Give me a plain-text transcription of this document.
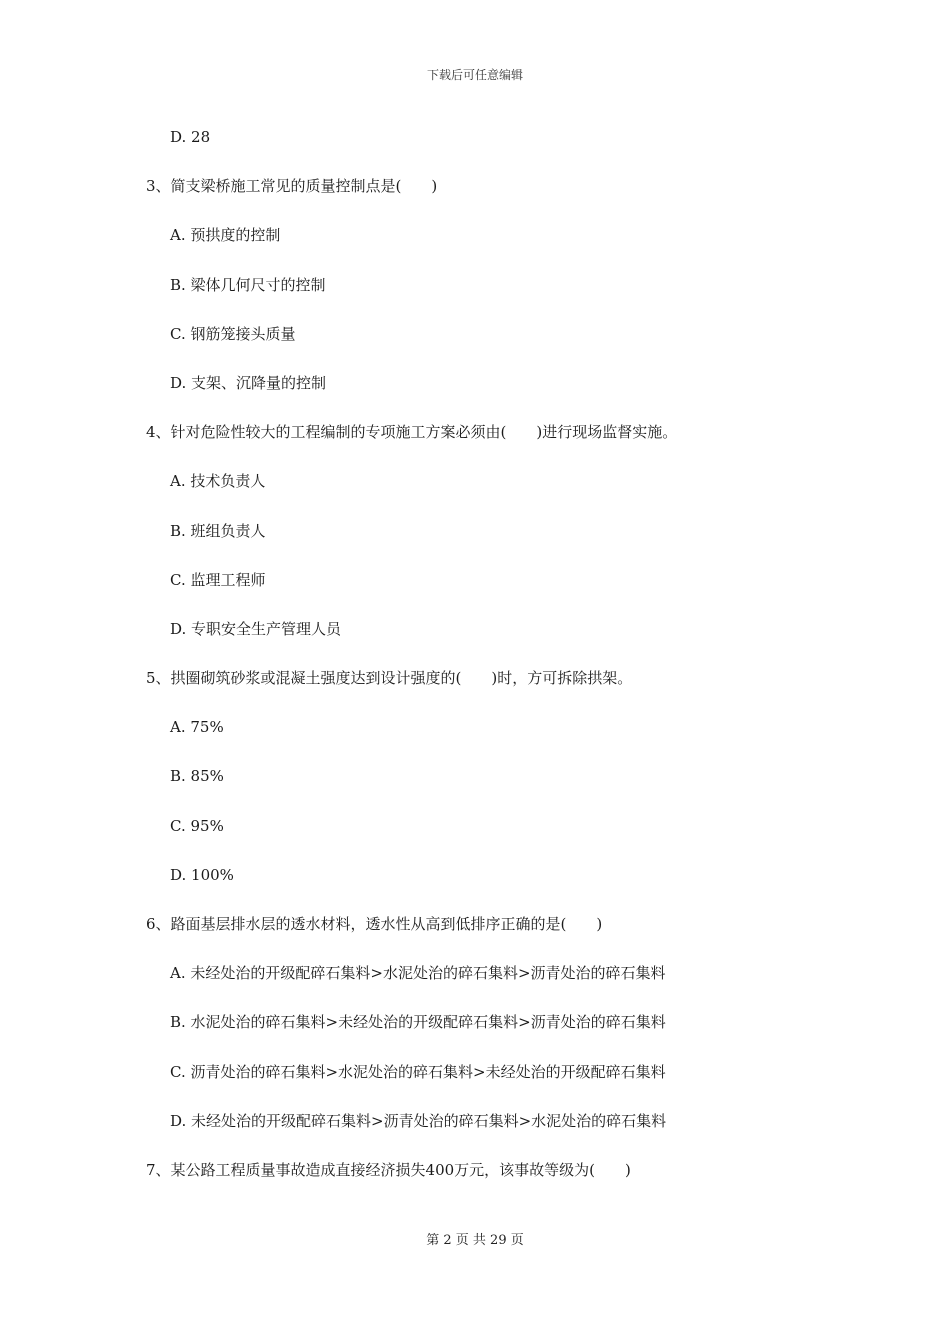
下载后可任意编辑
D. 28
3、简支梁桥施工常见的质量控制点是(　　)
A. 预拱度的控制
B. 梁体几何尺寸的控制
C. 钢筋笼接头质量
D. 支架、沉降量的控制
4、针对危险性较大的工程编制的专项施工方案必须由(　　)进行现场监督实施。
A. 技术负责人
B. 班组负责人
C. 监理工程师
D. 专职安全生产管理人员
5、拱圈砌筑砂浆或混凝土强度达到设计强度的(　　)时，方可拆除拱架。
A. 75%
B. 85%
C. 95%
D. 100%
6、路面基层排水层的透水材料，透水性从高到低排序正确的是(　　)
A. 未经处治的开级配碎石集料>水泥处治的碎石集料>沥青处治的碎石集料
B. 水泥处治的碎石集料>未经处治的开级配碎石集料>沥青处治的碎石集料
C. 沥青处治的碎石集料>水泥处治的碎石集料>未经处治的开级配碎石集料
D. 未经处治的开级配碎石集料>沥青处治的碎石集料>水泥处治的碎石集料
7、某公路工程质量事故造成直接经济损失400万元，该事故等级为(　　)
第 2 页 共 29 页
